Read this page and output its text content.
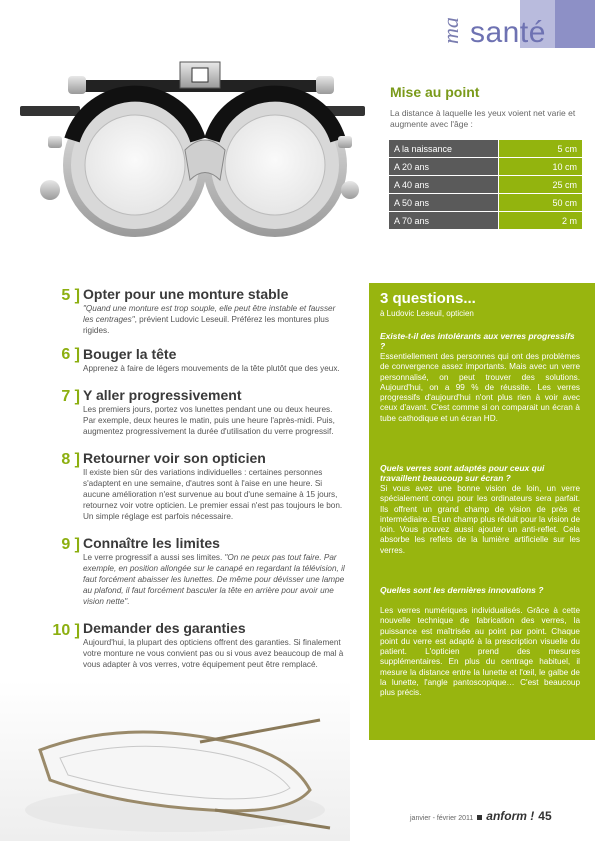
ma santé
Mise au point
La distance à laquelle les yeux voient net varie et augmente avec l'âge :
A la naissance	5 cm
A 20 ans	10 cm
A 40 ans	25 cm
A 50 ans	50 cm
A 70 ans	2 m
5 ] Opter pour une monture stable
"Quand une monture est trop souple, elle peut être instable et fausser les centrages", prévient Ludovic Leseuil. Préférez les montures plus rigides.
6 ] Bouger la tête
Apprenez à faire de légers mouvements de la tête plutôt que des yeux.
7 ] Y aller progressivement
Les premiers jours, portez vos lunettes pendant une ou deux heures. Par exemple, deux heures le matin, puis une heure l'après-midi. Puis, augmentez progressivement la durée d'utilisation du verre progressif.
8 ] Retourner voir son opticien
Il existe bien sûr des variations individuelles : certaines personnes s'adaptent en une semaine, d'autres sont à l'aise en une heure. Si aucune amélioration n'est survenue au bout d'une semaine à 15 jours, retournez voir votre opticien. Le premier essai n'est pas toujours le bon. Un simple réglage est parfois nécessaire.
9 ] Connaître les limites
Le verre progressif a aussi ses limites. "On ne peux pas tout faire. Par exemple, en position allongée sur le canapé en regardant la télévision, il faut forcément abaisser les lunettes. De même pour dévisser une lampe au plafond, il faut forcément basculer la tête en arrière pour avoir une vision nette".
10 ] Demander des garanties
Aujourd'hui, la plupart des opticiens offrent des garanties. Si finalement votre monture ne vous convient pas ou si vous avez beaucoup de mal à vous adapter à vos verres, votre équipement peut être remplacé.
3 questions...
à Ludovic Leseuil, opticien
Existe-t-il des intolérants aux verres progressifs ?
Essentiellement des personnes qui ont des problèmes de convergence assez importants. Mais avec un verre personnalisé, on peut trouver des solutions. Aujourd'hui, on a 99 % de réussite. Les verres progressifs d'aujourd'hui n'ont plus rien à voir avec ceux d'avant. C'est comme si on comparait un écran à tube cathodique et un écran HD.
Quels verres sont adaptés pour ceux qui travaillent beaucoup sur écran ?
Si vous avez une bonne vision de loin, un verre spécialement conçu pour les ordinateurs sera parfait. Ils offrent un grand champ de vision de près et intermédiaire. Et un champ plus réduit pour la vision de loin. Vous pouvez aussi ajouter un anti-reflet. Cela absorbe les reflets de la lumière artificielle sur les verres.
Quelles sont les dernières innovations ?
Les verres numériques individualisés. Grâce à cette nouvelle technique de fabrication des verres, la puissance est maîtrisée au point par point. Chaque point du verre est adapté à la prescription visuelle du patient. L'opticien prend des mesures supplémentaires. En plus du centrage habituel, il mesure la distance entre la lunette et l'œil, le galbe de la lunette, l'angle pantoscopique… C'est beaucoup plus précis.
janvier - février 2011 anform ! 45
